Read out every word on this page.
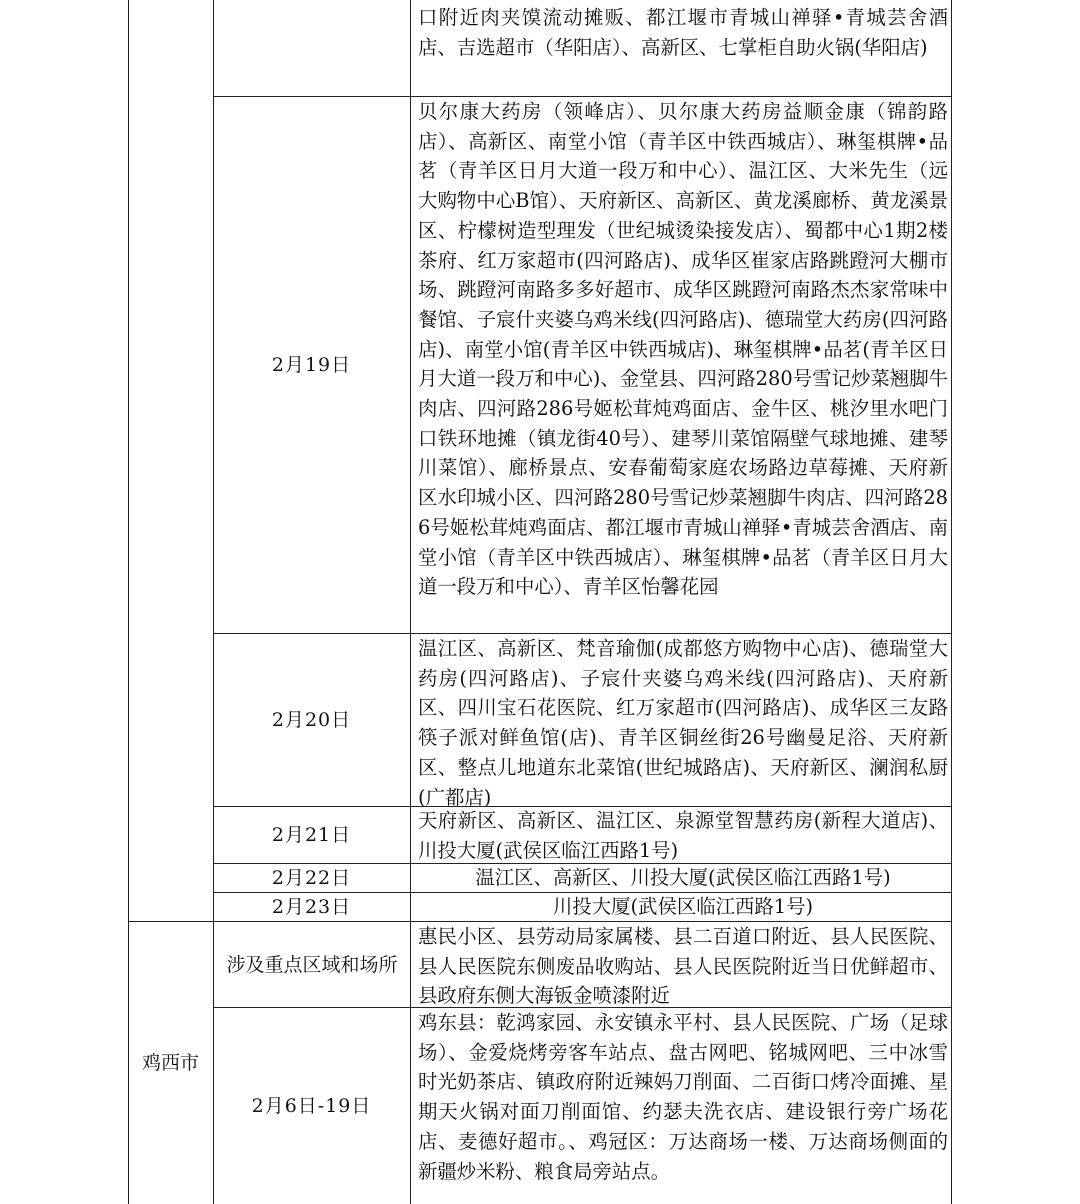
口附近肉夹馍流动摊贩、都江堰市青城山禅驿•青城芸舍酒店、吉选超市（华阳店）、高新区、七掌柜自助火锅(华阳店)
2月19日
贝尔康大药房（领峰店）、贝尔康大药房益顺金康（锦韵路店）、高新区、南堂小馆（青羊区中铁西城店）、琳玺棋牌•品茗（青羊区日月大道一段万和中心）、温江区、大米先生（远大购物中心B馆）、天府新区、高新区、黄龙溪廊桥、黄龙溪景区、柠檬树造型理发（世纪城烫染接发店）、蜀都中心1期2楼茶府、红万家超市(四河路店)、成华区崔家店路跳蹬河大棚市场、跳蹬河南路多多好超市、成华区跳蹬河南路杰杰家常味中餐馆、子宸什夹婆乌鸡米线(四河路店)、德瑞堂大药房(四河路店)、南堂小馆(青羊区中铁西城店)、琳玺棋牌•品茗(青羊区日月大道一段万和中心)、金堂县、四河路280号雪记炒菜翘脚牛肉店、四河路286号姬松茸炖鸡面店、金牛区、桃汐里水吧门口铁环地摊（镇龙街40号）、建琴川菜馆隔壁气球地摊、建琴川菜馆）、廊桥景点、安春葡萄家庭农场路边草莓摊、天府新区水印城小区、四河路280号雪记炒菜翘脚牛肉店、四河路286号姬松茸炖鸡面店、都江堰市青城山禅驿•青城芸舍酒店、南堂小馆（青羊区中铁西城店）、琳玺棋牌•品茗（青羊区日月大道一段万和中心）、青羊区怡馨花园
2月20日
温江区、高新区、梵音瑜伽(成都悠方购物中心店)、德瑞堂大药房(四河路店)、子宸什夹婆乌鸡米线(四河路店)、天府新区、四川宝石花医院、红万家超市(四河路店)、成华区三友路筷子派对鲜鱼馆(店)、青羊区铜丝街26号幽曼足浴、天府新区、整点儿地道东北菜馆(世纪城路店)、天府新区、澜润私厨(广都店)
2月21日
天府新区、高新区、温江区、泉源堂智慧药房(新程大道店)、川投大厦(武侯区临江西路1号)
2月22日	温江区、高新区、川投大厦(武侯区临江西路1号)
2月23日	川投大厦(武侯区临江西路1号)
鸡西市
涉及重点区域和场所
惠民小区、县劳动局家属楼、县二百道口附近、县人民医院、县人民医院东侧废品收购站、县人民医院附近当日优鲜超市、县政府东侧大海钣金喷漆附近
2月6日-19日
鸡东县：乾鸿家园、永安镇永平村、县人民医院、广场（足球场）、金爱烧烤旁客车站点、盘古网吧、铭城网吧、三中冰雪时光奶茶店、镇政府附近辣妈刀削面、二百街口烤冷面摊、星期天火锅对面刀削面馆、约瑟夫洗衣店、建设银行旁广场花店、麦德好超市。、鸡冠区：万达商场一楼、万达商场侧面的新疆炒米粉、粮食局旁站点。
